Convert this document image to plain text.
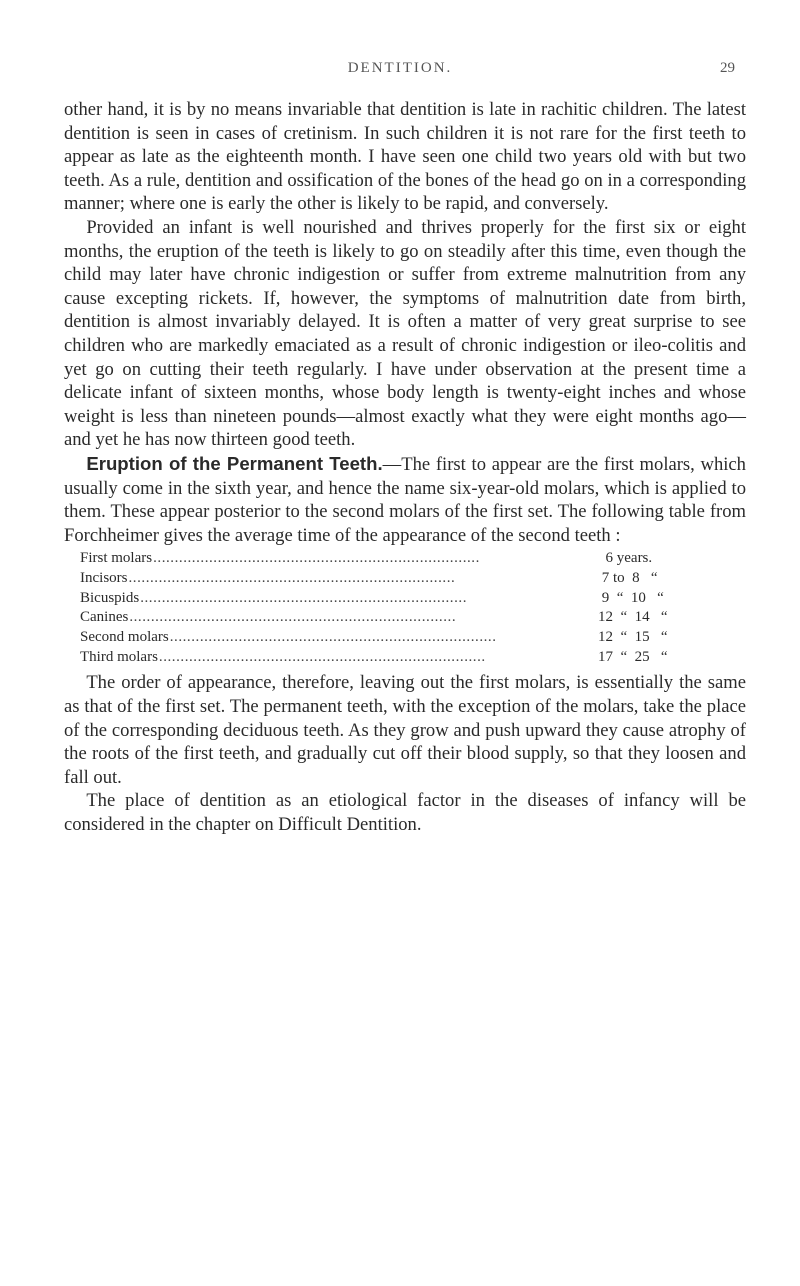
DENTITION.	29

other hand, it is by no means invariable that dentition is late in rachitic children. The latest dentition is seen in cases of cretinism. In such children it is not rare for the first teeth to appear as late as the eighteenth month. I have seen one child two years old with but two teeth. As a rule, dentition and ossification of the bones of the head go on in a corresponding manner; where one is early the other is likely to be rapid, and conversely.

Provided an infant is well nourished and thrives properly for the first six or eight months, the eruption of the teeth is likely to go on steadily after this time, even though the child may later have chronic indigestion or suffer from extreme malnutrition from any cause excepting rickets. If, however, the symptoms of malnutrition date from birth, dentition is almost invariably delayed. It is often a matter of very great surprise to see children who are markedly emaciated as a result of chronic indigestion or ileo-colitis and yet go on cutting their teeth regularly. I have under observation at the present time a delicate infant of sixteen months, whose body length is twenty-eight inches and whose weight is less than nineteen pounds—almost exactly what they were eight months ago—and yet he has now thirteen good teeth.

Eruption of the Permanent Teeth.—The first to appear are the first molars, which usually come in the sixth year, and hence the name six-year-old molars, which is applied to them. These appear posterior to the second molars of the first set. The following table from Forchheimer gives the average time of the appearance of the second teeth :

First molars . . .	6 years.
Incisors . . .	7 to  8   “
Bicuspids . . .	9  “  10   “
Canines . . .	12  “  14   “
Second molars . . .	12  “  15   “
Third molars . . .	17  “  25   “

The order of appearance, therefore, leaving out the first molars, is essentially the same as that of the first set. The permanent teeth, with the exception of the molars, take the place of the corresponding deciduous teeth. As they grow and push upward they cause atrophy of the roots of the first teeth, and gradually cut off their blood supply, so that they loosen and fall out.

The place of dentition as an etiological factor in the diseases of infancy will be considered in the chapter on Difficult Dentition.
